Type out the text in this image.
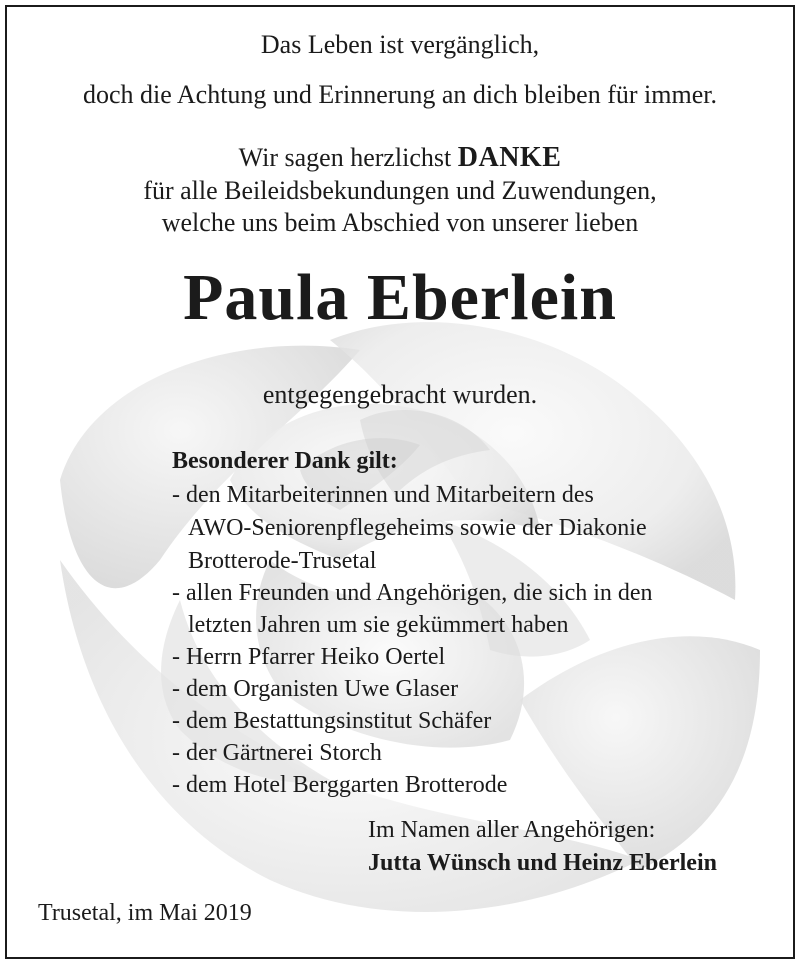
Das Leben ist vergänglich,
doch die Achtung und Erinnerung an dich bleiben für immer.
Wir sagen herzlichst DANKE
für alle Beileidsbekundungen und Zuwendungen,
welche uns beim Abschied von unserer lieben
Paula Eberlein
entgegengebracht wurden.
Besonderer Dank gilt:
- den Mitarbeiterinnen und Mitarbeitern des
AWO-Seniorenpflegeheims sowie der Diakonie
Brotterode-Trusetal
- allen Freunden und Angehörigen, die sich in den
letzten Jahren um sie gekümmert haben
- Herrn Pfarrer Heiko Oertel
- dem Organisten Uwe Glaser
- dem Bestattungsinstitut Schäfer
- der Gärtnerei Storch
- dem Hotel Berggarten Brotterode
Im Namen aller Angehörigen:
Jutta Wünsch und Heinz Eberlein
Trusetal, im Mai 2019
